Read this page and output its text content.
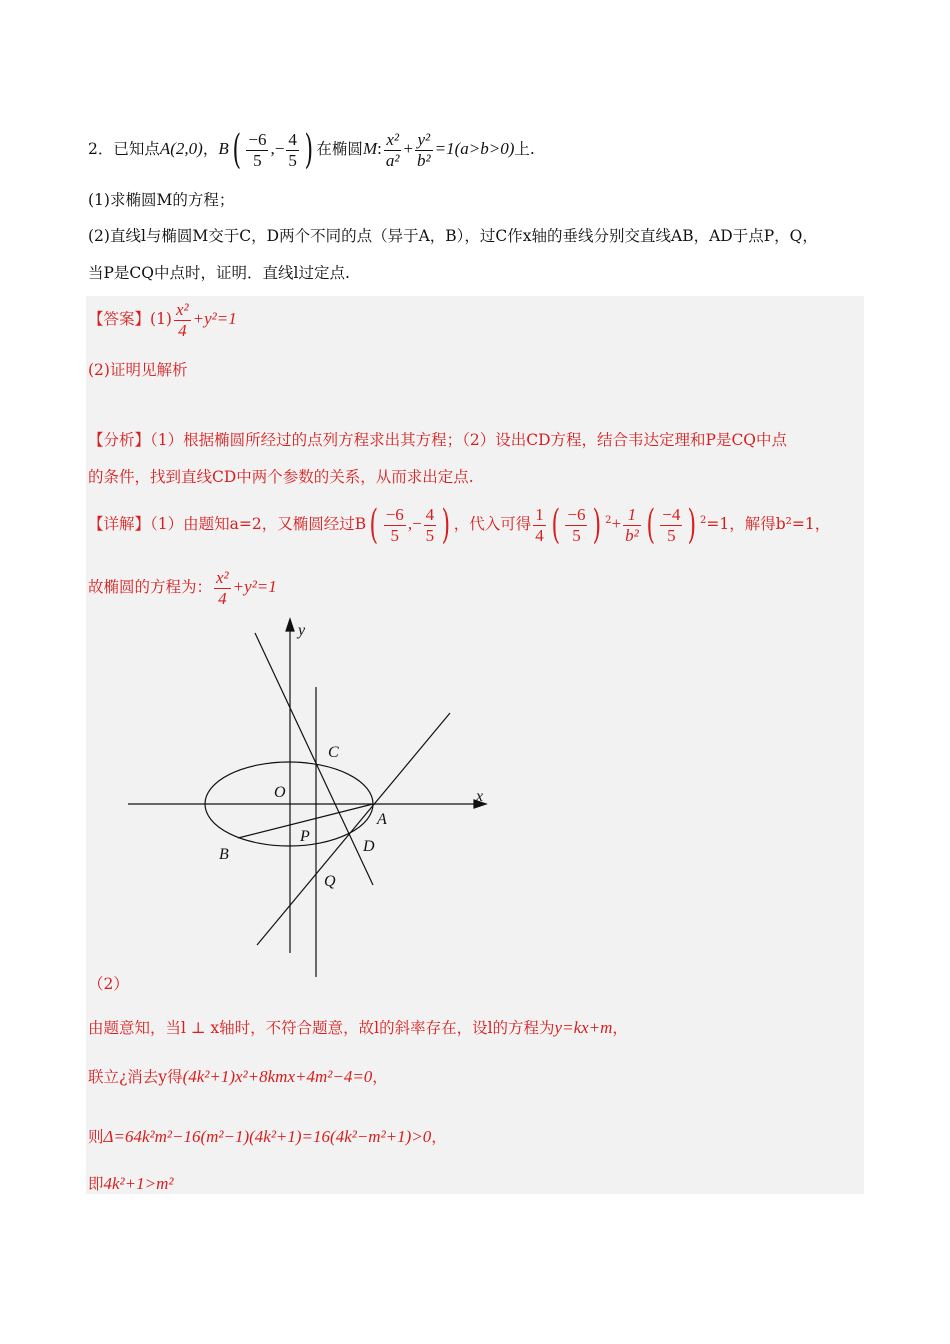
2．已知点A(2,0)，$B( \frac{-6}{5}$ ,− $\frac{4}{5}$ ) 在椭圆M: $\frac{\text{x²}}{\text{a²}} + \frac{\text{y²}}{\text{b²}} =1(a>b>0)$上.
(1)求椭圆M的方程；
(2)直线l与椭圆M交于C，D两个不同的点（异于A，B），过C作x轴的垂线分别交直线AB，AD于点P，Q，
当P是CQ中点时，证明．直线l过定点.
【答案】$(1) \frac{\text{x²}}{4} +y^2=1$
(2)证明见解析
【分析】（1）根据椭圆所经过的点列方程求出其方程；（2）设出CD方程，结合韦达定理和P是CQ中点
的条件，找到直线CD中两个参数的关系，从而求出定点.
【详解】（1）由题知a=2，又椭圆经过$B( \frac{-6}{5}$ ,− $\frac{4}{5}$ ) ，代入可得 $\frac{1}{4}$ ( $\frac{-6}{5}$ ) $^2+ \frac{1}{\text{b²}}$ ( $\frac{-4}{5}$ ) $^2$=1，解得b²=1，
故椭圆的方程为： $\frac{\text{x²}}{4} +y^2=1$
y
x
C
O
A
P
D
B
Q
（2）
由题意知，当l ⊥ x轴时，不符合题意，故l的斜率存在，设l的方程为y=kx+m，
联立¿消去y得(4k²+1)x²+8kmx+4m²−4=0，
则Δ=64k²m²−16(m²−1)(4k²+1)=16(4k²−m²+1)>0，
即4k²+1>m²
